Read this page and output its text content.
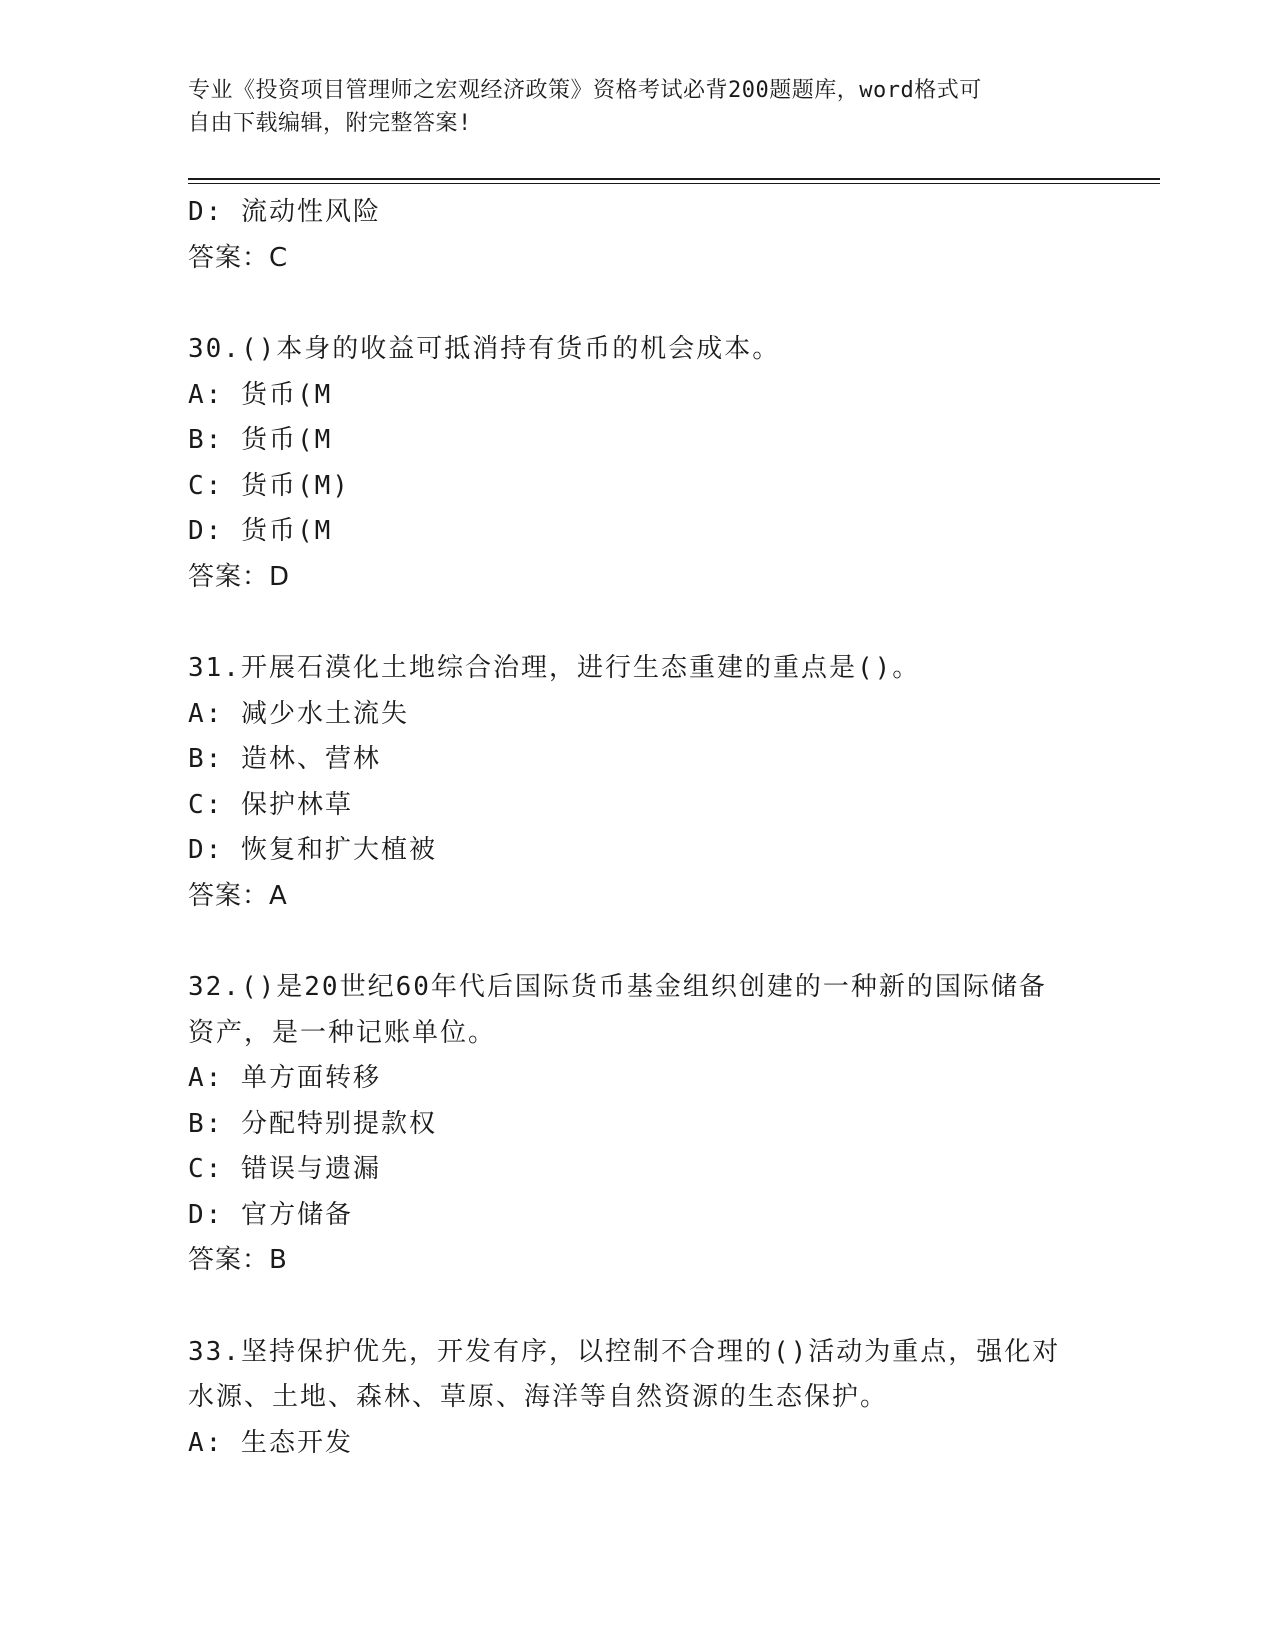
专业《投资项目管理师之宏观经济政策》资格考试必背200题题库，word格式可
自由下载编辑，附完整答案!
D: 流动性风险
答案：C
30.()本身的收益可抵消持有货币的机会成本。
A: 货币(M
B: 货币(M
C: 货币(M)
D: 货币(M
答案：D
31.开展石漠化土地综合治理，进行生态重建的重点是()。
A: 减少水土流失
B: 造林、营林
C: 保护林草
D: 恢复和扩大植被
答案：A
32.()是20世纪60年代后国际货币基金组织创建的一种新的国际储备
资产，是一种记账单位。
A: 单方面转移
B: 分配特别提款权
C: 错误与遗漏
D: 官方储备
答案：B
33.坚持保护优先，开发有序，以控制不合理的()活动为重点，强化对
水源、土地、森林、草原、海洋等自然资源的生态保护。
A: 生态开发
